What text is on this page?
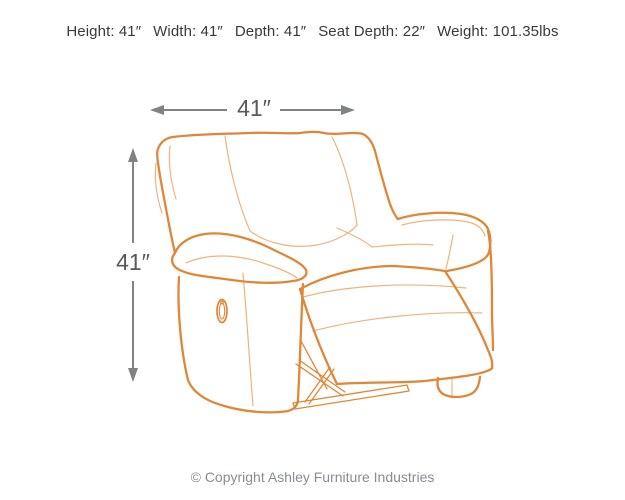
Height: 41″ Width: 41″ Depth: 41″ Seat Depth: 22″ Weight: 101.35lbs
41″
41″
© Copyright Ashley Furniture Industries
